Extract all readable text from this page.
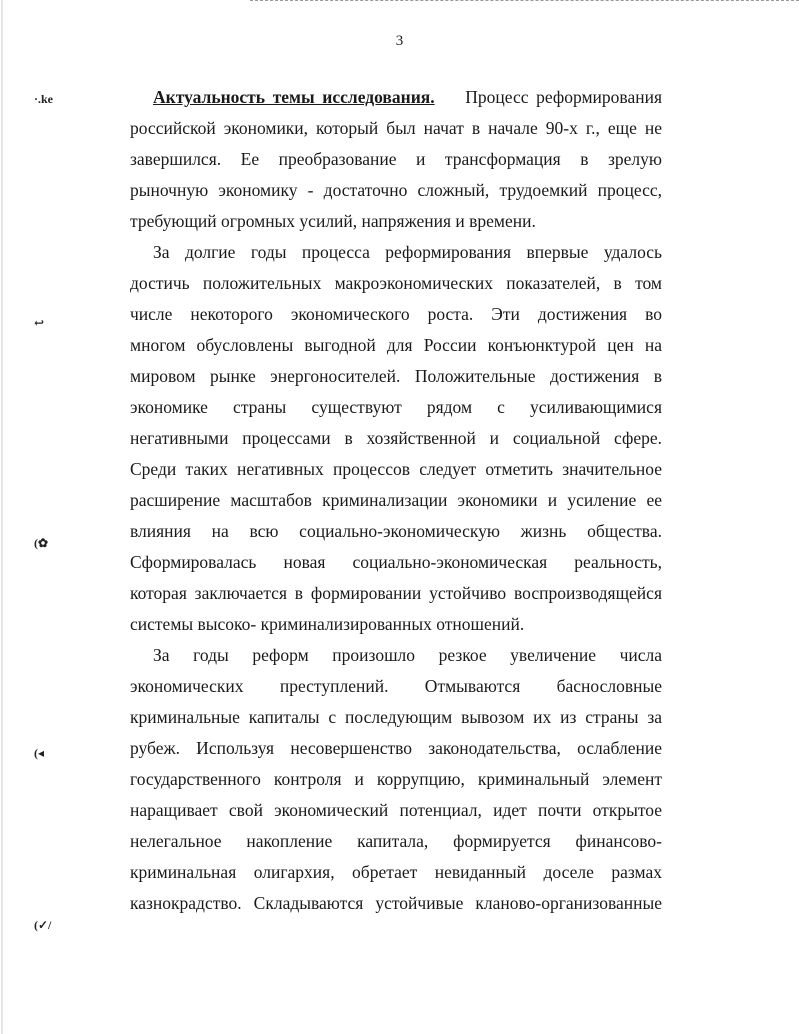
3
·.ke
↩
(✿
(◂
(✓/
Актуальность темы исследования. Процесс реформирования
российской экономики, который был начат в начале 90-х г., еще не
завершился. Ее преобразование и трансформация в зрелую
рыночную экономику - достаточно сложный, трудоемкий процесс,
требующий огромных усилий, напряжения и времени.
За долгие годы процесса реформирования впервые удалось
достичь положительных макроэкономических показателей, в том
числе некоторого экономического роста. Эти достижения во
многом обусловлены выгодной для России конъюнктурой цен на
мировом рынке энергоносителей. Положительные достижения в
экономике страны существуют рядом с усиливающимися
негативными процессами в хозяйственной и социальной сфере.
Среди таких негативных процессов следует отметить значительное
расширение масштабов криминализации экономики и усиление ее
влияния на всю социально-экономическую жизнь общества.
Сформировалась новая социально-экономическая реальность,
которая заключается в формировании устойчиво воспроизводящейся
системы высоко- криминализированных отношений.
За годы реформ произошло резкое увеличение числа
экономических преступлений. Отмываются баснословные
криминальные капиталы с последующим вывозом их из страны за
рубеж. Используя несовершенство законодательства, ослабление
государственного контроля и коррупцию, криминальный элемент
наращивает свой экономический потенциал, идет почти открытое
нелегальное накопление капитала, формируется финансово-
криминальная олигархия, обретает невиданный доселе размах
казнокрадство. Складываются устойчивые кланово-организованные
